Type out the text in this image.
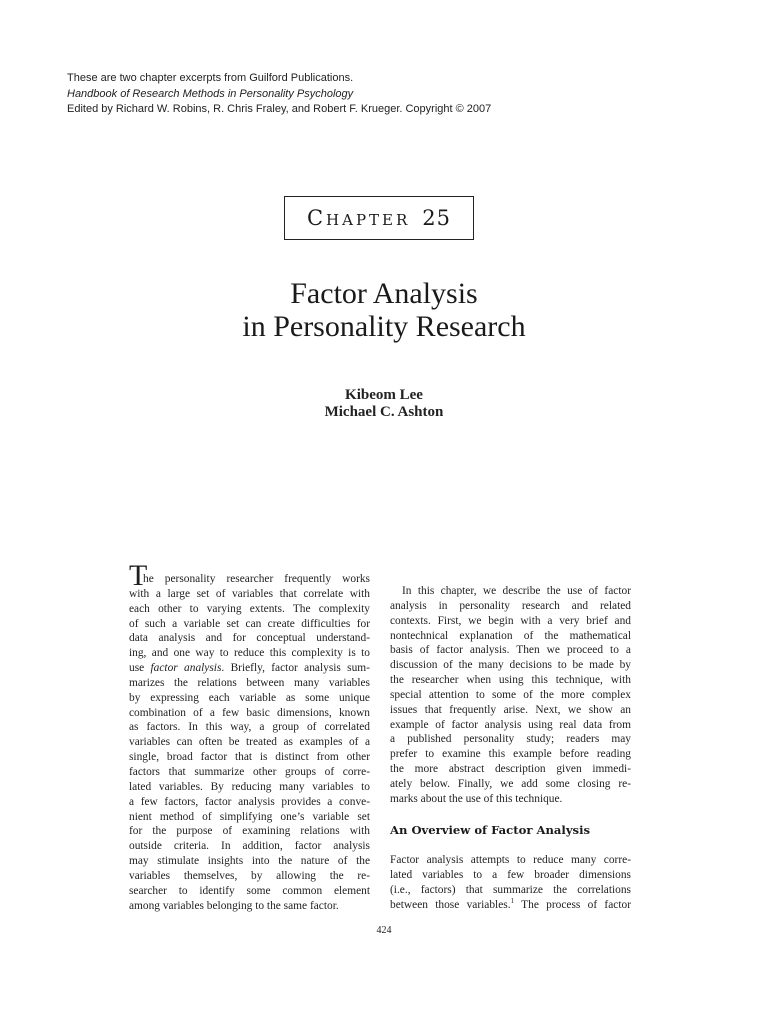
These are two chapter excerpts from Guilford Publications.
Handbook of Research Methods in Personality Psychology
Edited by Richard W. Robins, R. Chris Fraley, and Robert F. Krueger. Copyright © 2007
Chapter 25
Factor Analysis
in Personality Research
Kibeom Lee
Michael C. Ashton
T
he personality researcher frequently works
with a large set of variables that correlate with
each other to varying extents. The complexity
of such a variable set can create difficulties for
data analysis and for conceptual understand-
ing, and one way to reduce this complexity is to
use factor analysis. Briefly, factor analysis sum-
marizes the relations between many variables
by expressing each variable as some unique
combination of a few basic dimensions, known
as factors. In this way, a group of correlated
variables can often be treated as examples of a
single, broad factor that is distinct from other
factors that summarize other groups of corre-
lated variables. By reducing many variables to
a few factors, factor analysis provides a conve-
nient method of simplifying one’s variable set
for the purpose of examining relations with
outside criteria. In addition, factor analysis
may stimulate insights into the nature of the
variables themselves, by allowing the re-
searcher to identify some common element
among variables belonging to the same factor.
In this chapter, we describe the use of factor
analysis in personality research and related
contexts. First, we begin with a very brief and
nontechnical explanation of the mathematical
basis of factor analysis. Then we proceed to a
discussion of the many decisions to be made by
the researcher when using this technique, with
special attention to some of the more complex
issues that frequently arise. Next, we show an
example of factor analysis using real data from
a published personality study; readers may
prefer to examine this example before reading
the more abstract description given immedi-
ately below. Finally, we add some closing re-
marks about the use of this technique.
An Overview of Factor Analysis
Factor analysis attempts to reduce many corre-
lated variables to a few broader dimensions
(i.e., factors) that summarize the correlations
between those variables.$^1$ The process of factor
424
